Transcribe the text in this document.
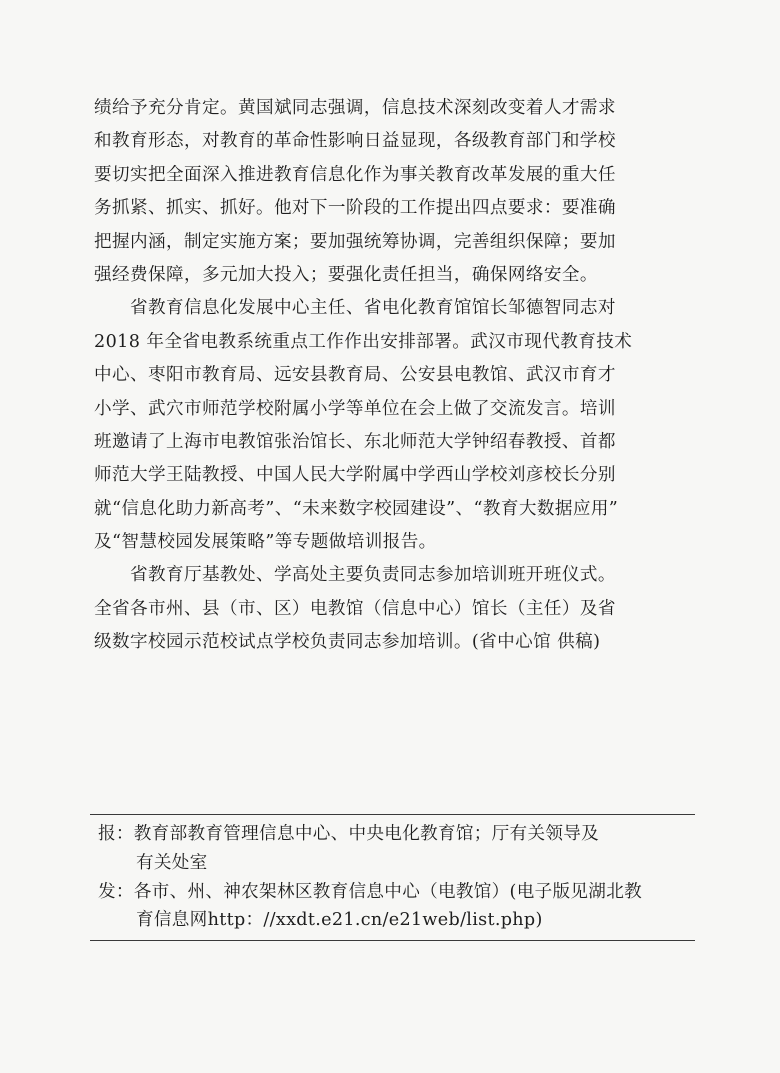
绩给予充分肯定。黄国斌同志强调，信息技术深刻改变着人才需求
和教育形态，对教育的革命性影响日益显现，各级教育部门和学校
要切实把全面深入推进教育信息化作为事关教育改革发展的重大任
务抓紧、抓实、抓好。他对下一阶段的工作提出四点要求：要准确
把握内涵，制定实施方案；要加强统筹协调，完善组织保障；要加
强经费保障，多元加大投入；要强化责任担当，确保网络安全。
　　省教育信息化发展中心主任、省电化教育馆馆长邹德智同志对
2018 年全省电教系统重点工作作出安排部署。武汉市现代教育技术
中心、枣阳市教育局、远安县教育局、公安县电教馆、武汉市育才
小学、武穴市师范学校附属小学等单位在会上做了交流发言。培训
班邀请了上海市电教馆张治馆长、东北师范大学钟绍春教授、首都
师范大学王陆教授、中国人民大学附属中学西山学校刘彦校长分别
就“信息化助力新高考”、“未来数字校园建设”、“教育大数据应用”
及“智慧校园发展策略”等专题做培训报告。
　　省教育厅基教处、学高处主要负责同志参加培训班开班仪式。
全省各市州、县（市、区）电教馆（信息中心）馆长（主任）及省
级数字校园示范校试点学校负责同志参加培训。(省中心馆 供稿)
报：教育部教育管理信息中心、中央电化教育馆；厅有关领导及
有关处室
发：各市、州、神农架林区教育信息中心（电教馆）(电子版见湖北教
育信息网http：//xxdt.e21.cn/e21web/list.php)
